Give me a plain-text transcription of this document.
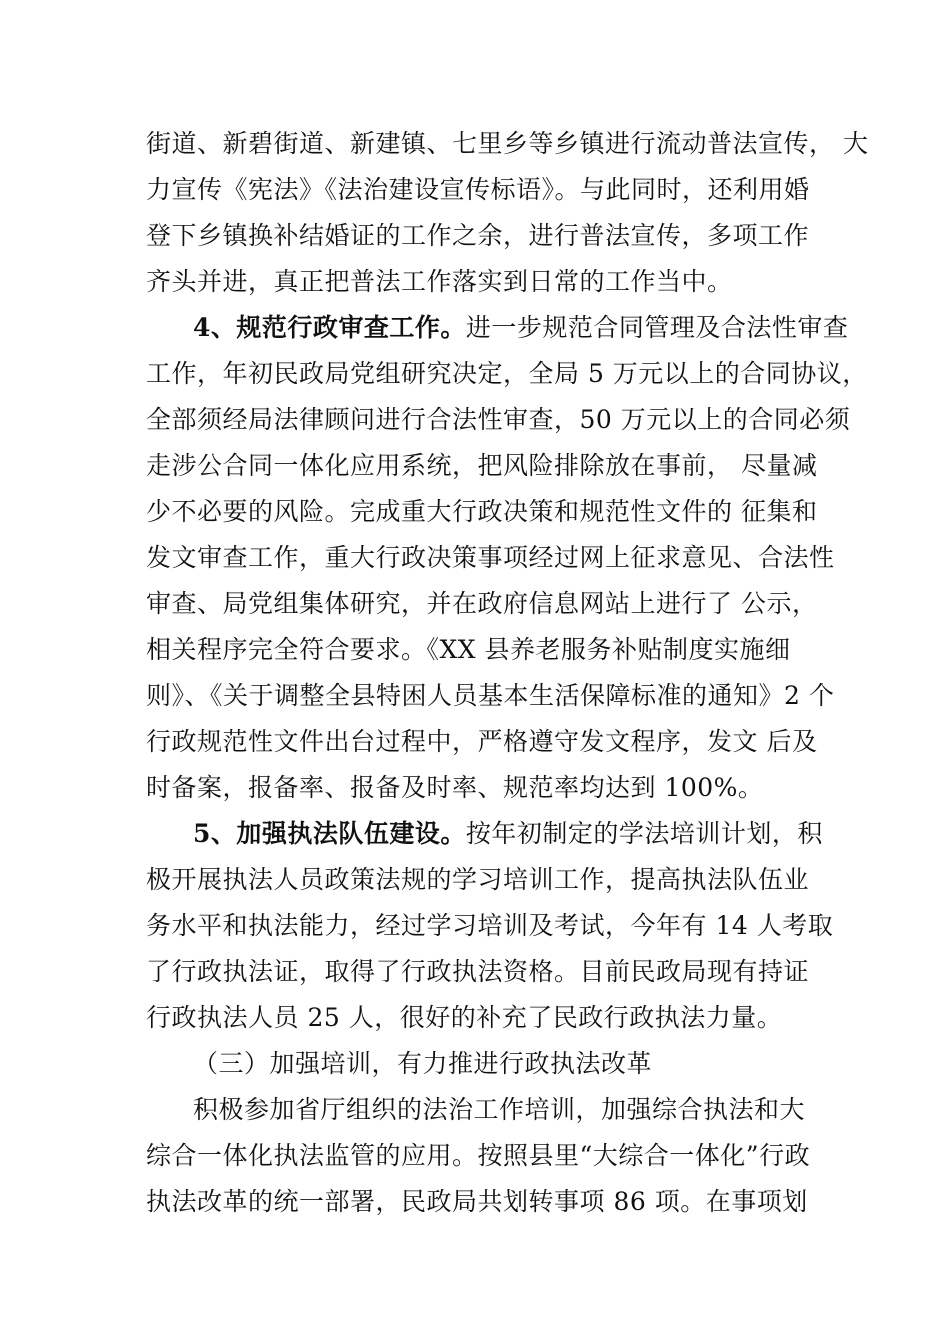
街道、新碧街道、新建镇、七里乡等乡镇进行流动普法宣传， 大
力宣传《宪法》《法治建设宣传标语》。与此同时，还利用婚
登下乡镇换补结婚证的工作之余，进行普法宣传，多项工作
齐头并进，真正把普法工作落实到日常的工作当中。
4、规范行政审查工作。进一步规范合同管理及合法性审查
工作，年初民政局党组研究决定，全局 5 万元以上的合同协议，
全部须经局法律顾问进行合法性审查，50 万元以上的合同必须
走涉公合同一体化应用系统，把风险排除放在事前， 尽量减
少不必要的风险。完成重大行政决策和规范性文件的 征集和
发文审查工作，重大行政决策事项经过网上征求意见、合法性
审查、局党组集体研究，并在政府信息网站上进行了 公示，
相关程序完全符合要求。《XX 县养老服务补贴制度实施细
则》、《关于调整全县特困人员基本生活保障标准的通知》2 个
行政规范性文件出台过程中，严格遵守发文程序，发文 后及
时备案，报备率、报备及时率、规范率均达到 100%。
5、加强执法队伍建设。按年初制定的学法培训计划，积
极开展执法人员政策法规的学习培训工作，提高执法队伍业
务水平和执法能力，经过学习培训及考试，今年有 14 人考取
了行政执法证，取得了行政执法资格。目前民政局现有持证
行政执法人员 25 人，很好的补充了民政行政执法力量。
（三）加强培训，有力推进行政执法改革
积极参加省厅组织的法治工作培训，加强综合执法和大
综合一体化执法监管的应用。按照县里“大综合一体化”行政
执法改革的统一部署，民政局共划转事项 86 项。在事项划
